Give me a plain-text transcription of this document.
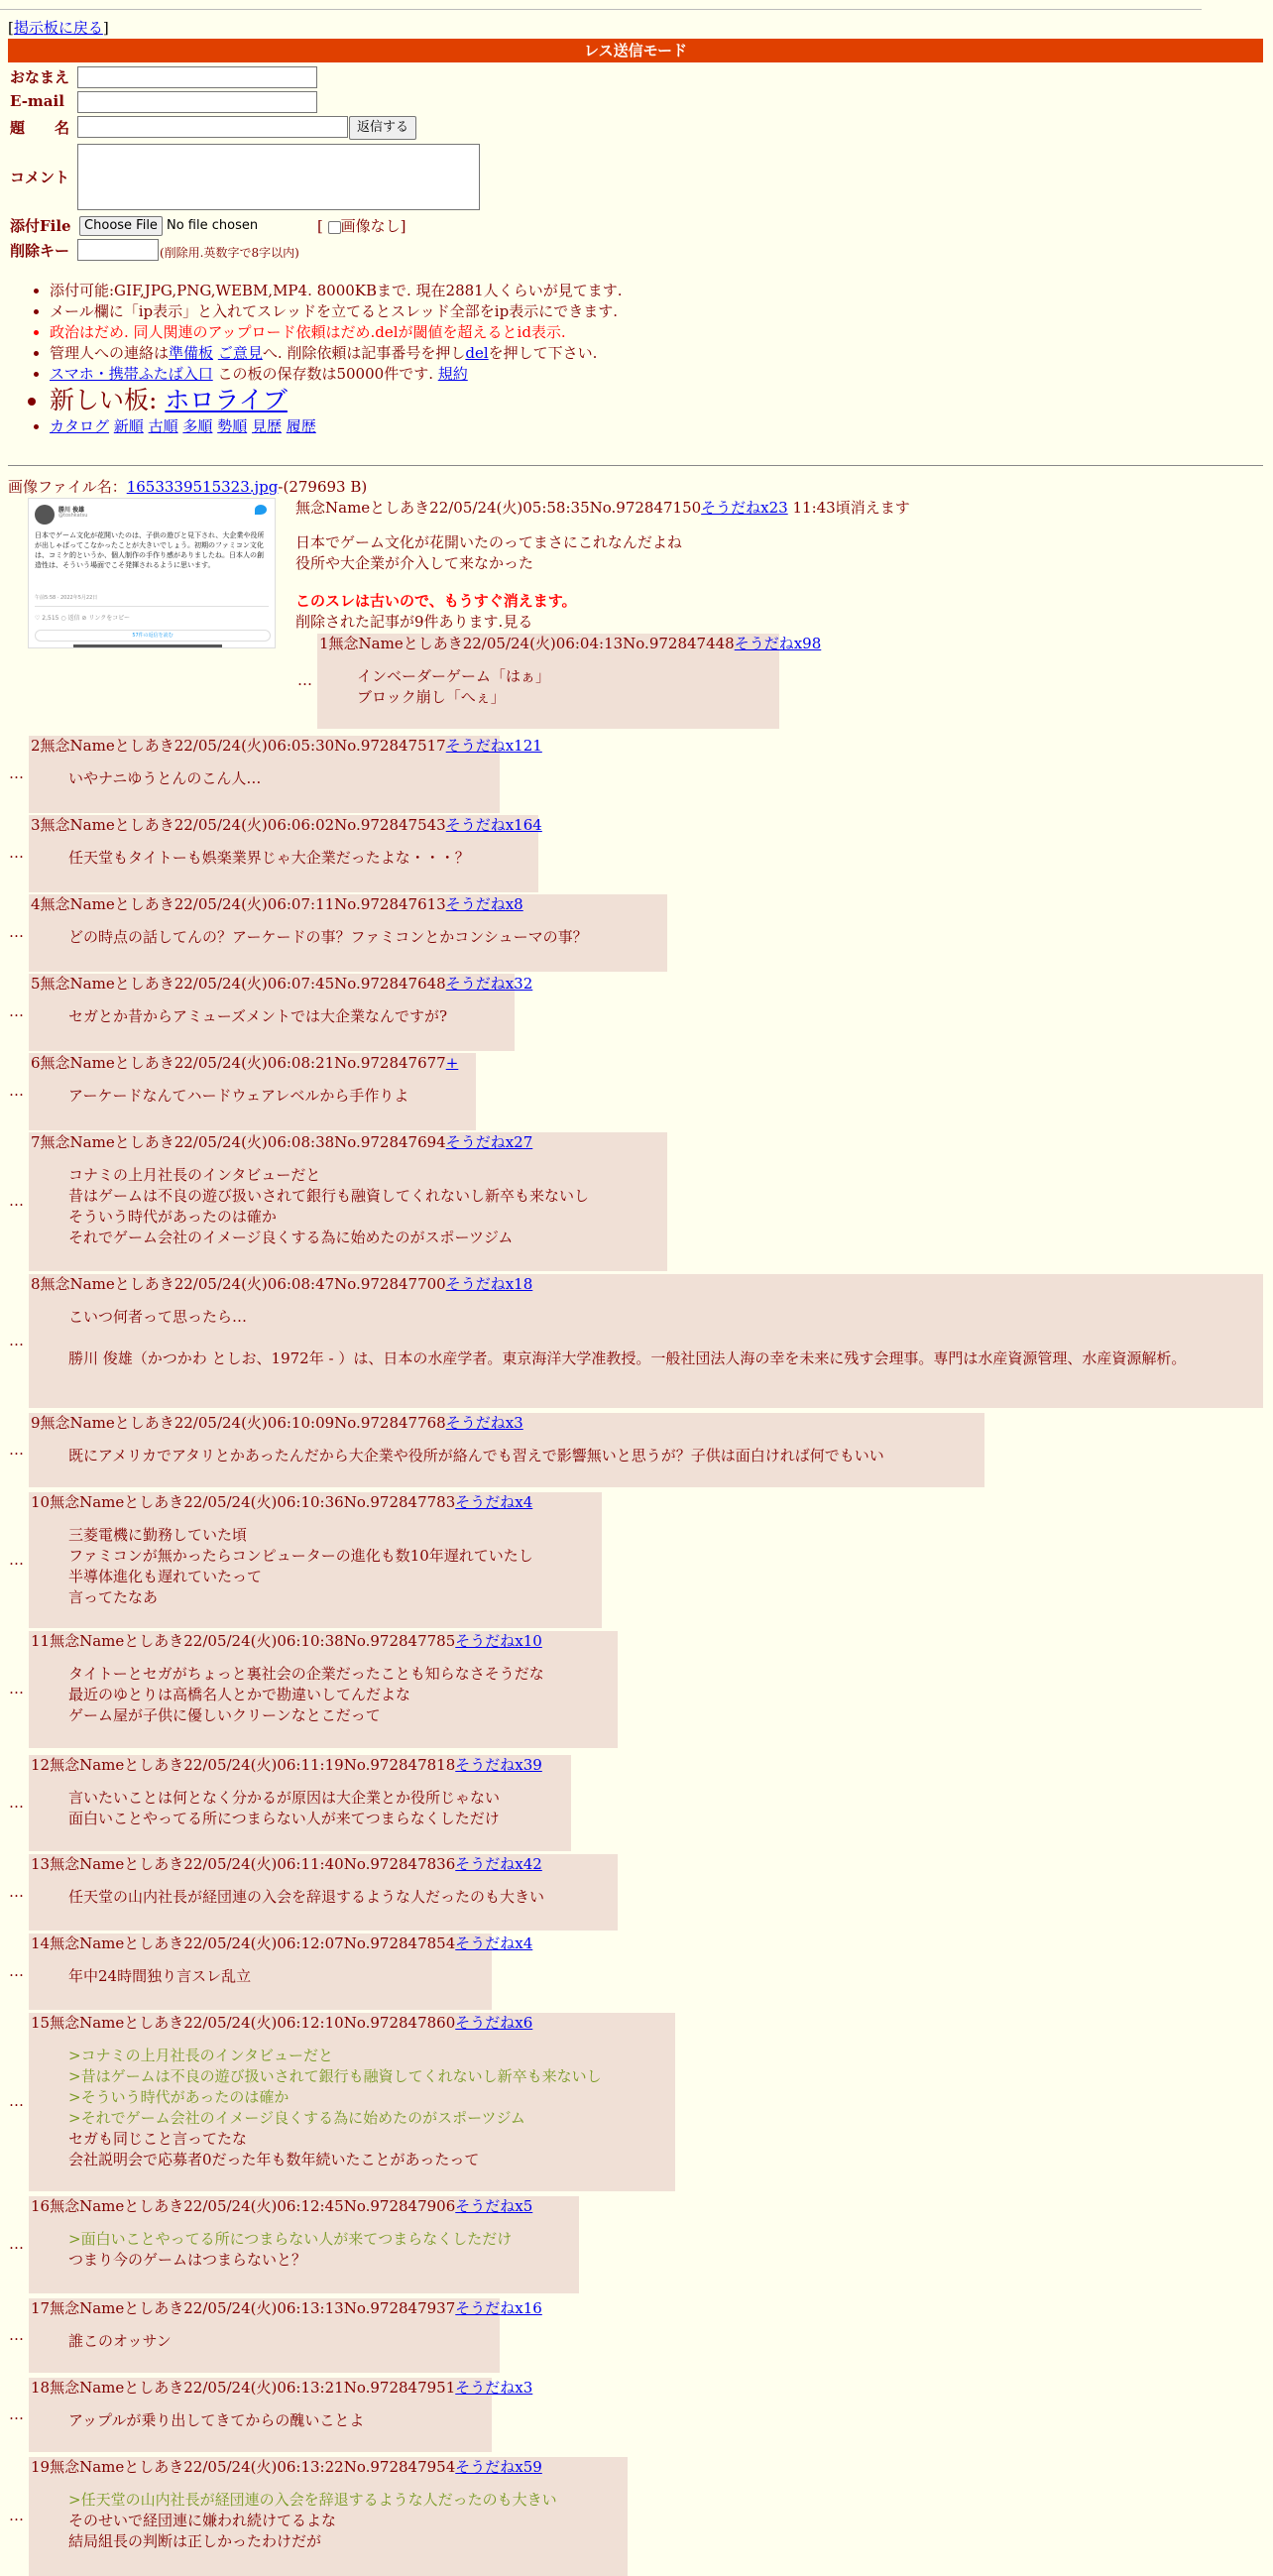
[掲示板に戻る]
レス送信モード
おなまえ
E-mail
題　　名	返信する
コメント
添付File	Choose File No file chosen	[ 画像なし]
削除キー	(削除用.英数字で8字以内)
• 添付可能:GIF,JPG,PNG,WEBM,MP4. 8000KBまで. 現在2881人くらいが見てます.
• メール欄に「ip表示」と入れてスレッドを立てるとスレッド全部をip表示にできます.
• 政治はだめ. 同人関連のアップロード依頼はだめ.delが閾値を超えるとid表示.
• 管理人への連絡は準備板 ご意見へ. 削除依頼は記事番号を押しdelを押して下さい.
• スマホ・携帯ふたば入口 この板の保存数は50000件です. 規約
• 新しい板: ホロライブ
• カタログ 新順 古順 多順 勢順 見歴 履歴
画像ファイル名：1653339515323.jpg-(279693 B)
勝川 俊雄
@toshkatsu
日本でゲーム文化が花開いたのは、子供の遊びと見下され、大企業や役所が出しゃばってこなかったことが大きいでしょう。初期のファミコン文化は、コミケ的というか、個人制作の手作り感がありましたね。日本人の創造性は、そういう場面でこそ発揮されるように思います。
午前5:58 · 2022年5月22日
♡ 2,515 ○ 返信 ⊘ リンクをコピー
57件の返信を読む
無念Nameとしあき22/05/24(火)05:58:35No.972847150そうだねx23 11:43頃消えます
日本でゲーム文化が花開いたのってまさにこれなんだよね
役所や大企業が介入して来なかった
このスレは古いので、もうすぐ消えます。
削除された記事が9件あります.見る
…
1無念Nameとしあき22/05/24(火)06:04:13No.972847448そうだねx98
インベーダーゲーム「はぁ」
ブロック崩し「へぇ」
…
2無念Nameとしあき22/05/24(火)06:05:30No.972847517そうだねx121
いやナニゆうとんのこん人…
…
3無念Nameとしあき22/05/24(火)06:06:02No.972847543そうだねx164
任天堂もタイトーも娯楽業界じゃ大企業だったよな・・・？
…
4無念Nameとしあき22/05/24(火)06:07:11No.972847613そうだねx8
どの時点の話してんの？アーケードの事？ファミコンとかコンシューマの事？
…
5無念Nameとしあき22/05/24(火)06:07:45No.972847648そうだねx32
セガとか昔からアミューズメントでは大企業なんですが?
…
6無念Nameとしあき22/05/24(火)06:08:21No.972847677+
アーケードなんてハードウェアレベルから手作りよ
…
7無念Nameとしあき22/05/24(火)06:08:38No.972847694そうだねx27
コナミの上月社長のインタビューだと
昔はゲームは不良の遊び扱いされて銀行も融資してくれないし新卒も来ないし
そういう時代があったのは確か
それでゲーム会社のイメージ良くする為に始めたのがスポーツジム
…
8無念Nameとしあき22/05/24(火)06:08:47No.972847700そうだねx18
こいつ何者って思ったら…

勝川 俊雄（かつかわ としお、1972年 - ）は、日本の水産学者。東京海洋大学准教授。一般社団法人海の幸を未来に残す会理事。専門は水産資源管理、水産資源解析。
…
9無念Nameとしあき22/05/24(火)06:10:09No.972847768そうだねx3
既にアメリカでアタリとかあったんだから大企業や役所が絡んでも習えで影響無いと思うが？子供は面白ければ何でもいい
…
10無念Nameとしあき22/05/24(火)06:10:36No.972847783そうだねx4
三菱電機に勤務していた頃
ファミコンが無かったらコンピューターの進化も数10年遅れていたし
半導体進化も遅れていたって
言ってたなあ
…
11無念Nameとしあき22/05/24(火)06:10:38No.972847785そうだねx10
タイトーとセガがちょっと裏社会の企業だったことも知らなさそうだな
最近のゆとりは高橋名人とかで勘違いしてんだよな
ゲーム屋が子供に優しいクリーンなとこだって
…
12無念Nameとしあき22/05/24(火)06:11:19No.972847818そうだねx39
言いたいことは何となく分かるが原因は大企業とか役所じゃない
面白いことやってる所につまらない人が来てつまらなくしただけ
…
13無念Nameとしあき22/05/24(火)06:11:40No.972847836そうだねx42
任天堂の山内社長が経団連の入会を辞退するような人だったのも大きい
…
14無念Nameとしあき22/05/24(火)06:12:07No.972847854そうだねx4
年中24時間独り言スレ乱立
…
15無念Nameとしあき22/05/24(火)06:12:10No.972847860そうだねx6
>コナミの上月社長のインタビューだと
>昔はゲームは不良の遊び扱いされて銀行も融資してくれないし新卒も来ないし
>そういう時代があったのは確か
>それでゲーム会社のイメージ良くする為に始めたのがスポーツジム
セガも同じこと言ってたな
会社説明会で応募者0だった年も数年続いたことがあったって
…
16無念Nameとしあき22/05/24(火)06:12:45No.972847906そうだねx5
>面白いことやってる所につまらない人が来てつまらなくしただけ
つまり今のゲームはつまらないと？
…
17無念Nameとしあき22/05/24(火)06:13:13No.972847937そうだねx16
誰このオッサン
…
18無念Nameとしあき22/05/24(火)06:13:21No.972847951そうだねx3
アップルが乗り出してきてからの醜いことよ
…
19無念Nameとしあき22/05/24(火)06:13:22No.972847954そうだねx59
>任天堂の山内社長が経団連の入会を辞退するような人だったのも大きい
そのせいで経団連に嫌われ続けてるよな
結局組長の判断は正しかったわけだが
